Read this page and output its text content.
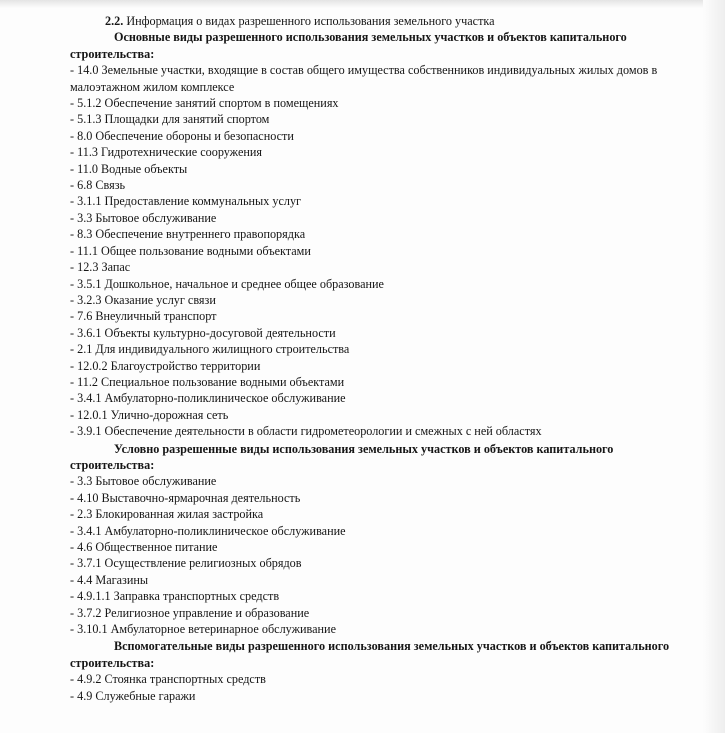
2.2. Информация о видах разрешенного использования земельного участка
Основные виды разрешенного использования земельных участков и объектов капитального строительства:
- 14.0 Земельные участки, входящие в состав общего имущества собственников индивидуальных жилых домов в малоэтажном жилом комплексе
- 5.1.2 Обеспечение занятий спортом в помещениях
- 5.1.3 Площадки для занятий спортом
- 8.0 Обеспечение обороны и безопасности
- 11.3 Гидротехнические сооружения
- 11.0 Водные объекты
- 6.8 Связь
- 3.1.1 Предоставление коммунальных услуг
- 3.3 Бытовое обслуживание
- 8.3 Обеспечение внутреннего правопорядка
- 11.1 Общее пользование водными объектами
- 12.3 Запас
- 3.5.1 Дошкольное, начальное и среднее общее образование
- 3.2.3 Оказание услуг связи
- 7.6 Внеуличный транспорт
- 3.6.1 Объекты культурно-досуговой деятельности
- 2.1 Для индивидуального жилищного строительства
- 12.0.2 Благоустройство территории
- 11.2 Специальное пользование водными объектами
- 3.4.1 Амбулаторно-поликлиническое обслуживание
- 12.0.1 Улично-дорожная сеть
- 3.9.1 Обеспечение деятельности в области гидрометеорологии и смежных с ней областях
Условно разрешенные виды использования земельных участков и объектов капитального строительства:
- 3.3 Бытовое обслуживание
- 4.10 Выставочно-ярмарочная деятельность
- 2.3 Блокированная жилая застройка
- 3.4.1 Амбулаторно-поликлиническое обслуживание
- 4.6 Общественное питание
- 3.7.1 Осуществление религиозных обрядов
- 4.4 Магазины
- 4.9.1.1 Заправка транспортных средств
- 3.7.2 Религиозное управление и образование
- 3.10.1 Амбулаторное ветеринарное обслуживание
Вспомогательные виды разрешенного использования земельных участков и объектов капитального строительства:
- 4.9.2 Стоянка транспортных средств
- 4.9 Служебные гаражи
